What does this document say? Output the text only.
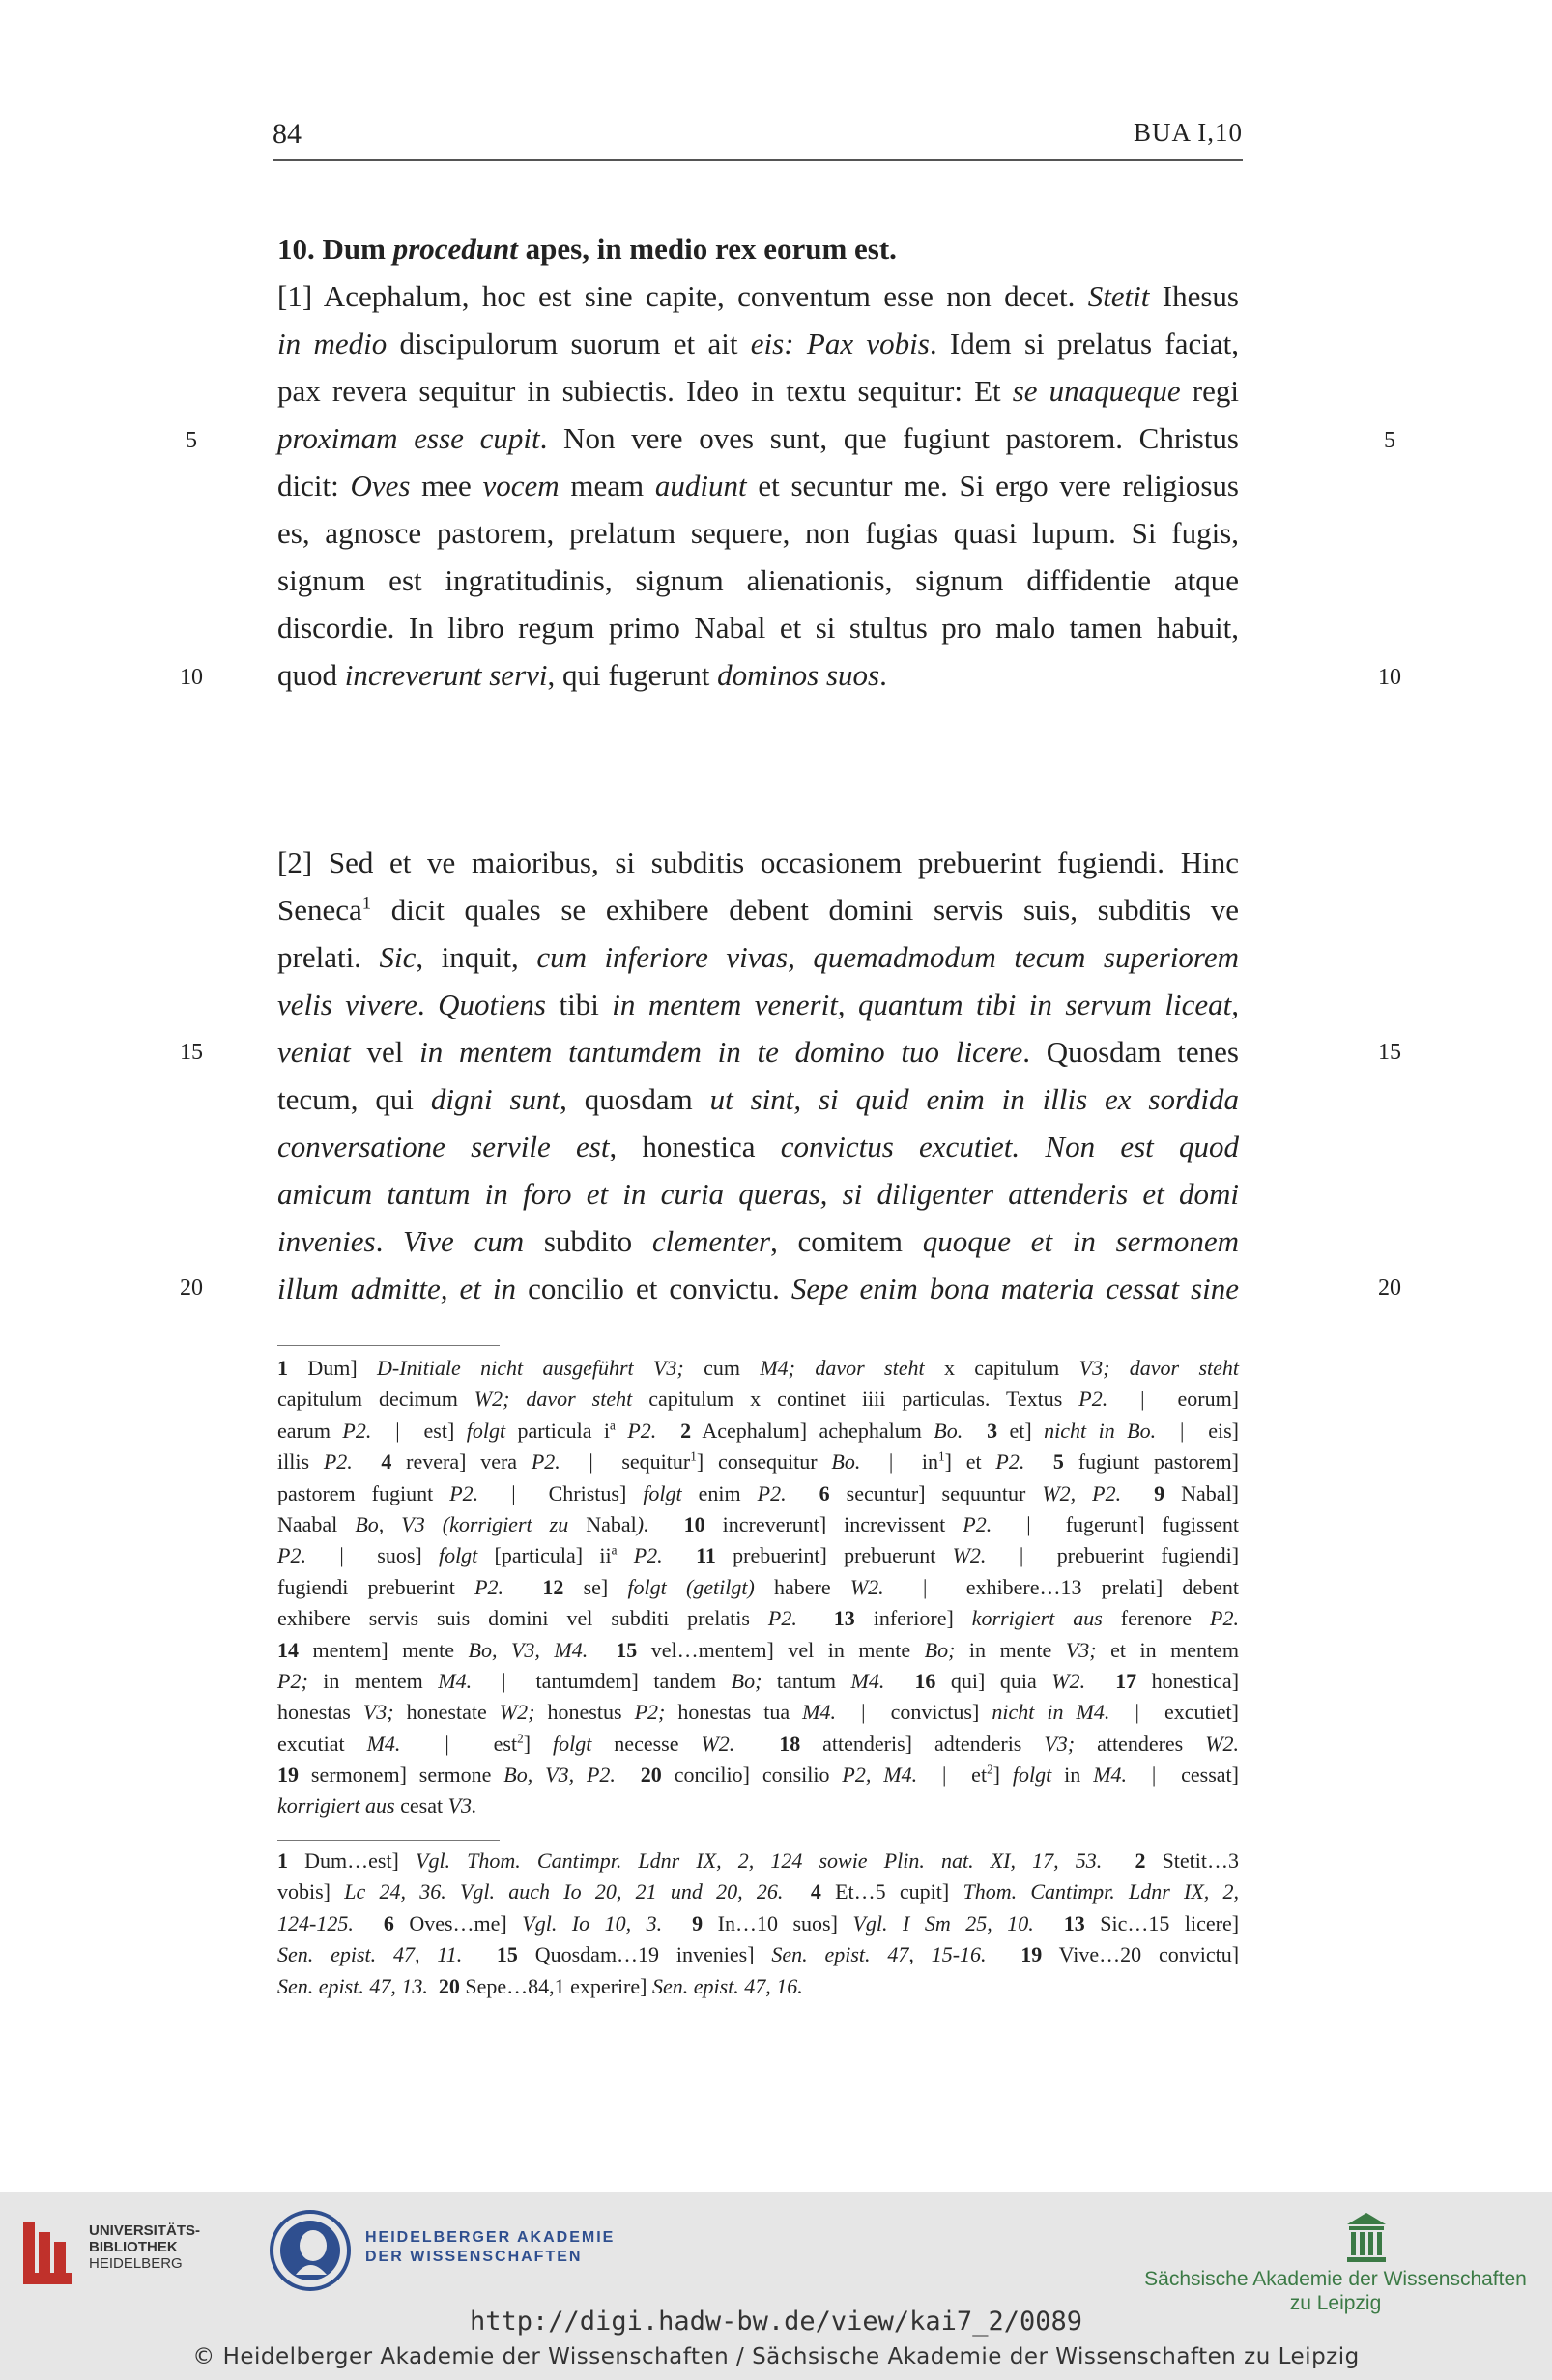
84	BUA I,10
5	5
10	10
15	15
20	20
10. Dum procedunt apes, in medio rex eorum est.
[1] Acephalum, hoc est sine capite, conventum esse non decet. Stetit Ihesus
in medio discipulorum suorum et ait eis: Pax vobis. Idem si prelatus faciat,
pax revera sequitur in subiectis. Ideo in textu sequitur: Et se unaqueque regi
proximam esse cupit. Non vere oves sunt, que fugiunt pastorem. Christus
dicit: Oves mee vocem meam audiunt et secuntur me. Si ergo vere religiosus
es, agnosce pastorem, prelatum sequere, non fugias quasi lupum. Si fugis,
signum est ingratitudinis, signum alienationis, signum diffidentie atque
discordie. In libro regum primo Nabal et si stultus pro malo tamen habuit,
quod increverunt servi, qui fugerunt dominos suos.
[2] Sed et ve maioribus, si subditis occasionem prebuerint fugiendi. Hinc
Seneca$^1$ dicit quales se exhibere debent domini servis suis, subditis ve
prelati. Sic, inquit, cum inferiore vivas, quemadmodum tecum superiorem
velis vivere. Quotiens tibi in mentem venerit, quantum tibi in servum liceat,
veniat vel in mentem tantumdem in te domino tuo licere. Quosdam tenes
tecum, qui digni sunt, quosdam ut sint, si quid enim in illis ex sordida
conversatione servile est, honestica convictus excutiet. Non est quod
amicum tantum in foro et in curia queras, si diligenter attenderis et domi
invenies. Vive cum subdito clementer, comitem quoque et in sermonem
illum admitte, et in concilio et convictu. Sepe enim bona materia cessat sine
1 Dum] D-Initiale nicht ausgeführt V3; cum M4; davor steht x capitulum V3; davor steht
capitulum decimum W2; davor steht capitulum x continet iiii particulas. Textus P2.  |  eorum]
earum P2.  |  est] folgt particula $i^a$ P2. 2 Acephalum] achephalum Bo. 3 et] nicht in Bo.  |  eis]
illis P2. 4 revera] vera P2.  |  sequitur$^1$] consequitur Bo.  |  $in^1$] et P2. 5 fugiunt pastorem]
pastorem fugiunt P2.  |  Christus] folgt enim P2. 6 secuntur] sequuntur W2, P2. 9 Nabal]
Naabal Bo, V3 (korrigiert zu Nabal). 10 increverunt] increvissent P2.  |  fugerunt] fugissent
P2.  |  suos] folgt [particula] $ii^a$ P2. 11 prebuerint] prebuerunt W2.  |  prebuerint fugiendi]
fugiendi prebuerint P2. 12 se] folgt (getilgt) habere W2.  |  exhibere…13 prelati] debent
exhibere servis suis domini vel subditi prelatis P2. 13 inferiore] korrigiert aus ferenore P2.
14 mentem] mente Bo, V3, M4. 15 vel…mentem] vel in mente Bo; in mente V3; et in mentem
P2; in mentem M4.  |  tantumdem] tandem Bo; tantum M4. 16 qui] quia W2. 17 honestica]
honestas V3; honestate W2; honestus P2; honestas tua M4.  |  convictus] nicht in M4.  |  excutiet]
excutiat M4.  |  est$^2$] folgt necesse W2. 18 attenderis] adtenderis V3; attenderes W2.
19 sermonem] sermone Bo, V3, P2. 20 concilio] consilio P2, M4.  |  $et^2$] folgt in M4.  |  cessat]
korrigiert aus cesat V3.
1 Dum…est] Vgl. Thom. Cantimpr. Ldnr IX, 2, 124 sowie Plin. nat. XI, 17, 53. 2 Stetit…3
vobis] Lc 24, 36. Vgl. auch Io 20, 21 und 20, 26. 4 Et…5 cupit] Thom. Cantimpr. Ldnr IX, 2,
124-125. 6 Oves…me] Vgl. Io 10, 3. 9 In…10 suos] Vgl. I Sm 25, 10. 13 Sic…15 licere]
Sen. epist. 47, 11. 15 Quosdam…19 invenies] Sen. epist. 47, 15-16. 19 Vive…20 convictu]
Sen. epist. 47, 13. 20 Sepe…84,1 experire] Sen. epist. 47, 16.
UNIVERSITÄTS-
BIBLIOTHEK
HEIDELBERG
HEIDELBERGER AKADEMIE
DER WISSENSCHAFTEN
Sächsische Akademie der Wissenschaften
zu Leipzig
http://digi.hadw-bw.de/view/kai7_2/0089
© Heidelberger Akademie der Wissenschaften / Sächsische Akademie der Wissenschaften zu Leipzig
